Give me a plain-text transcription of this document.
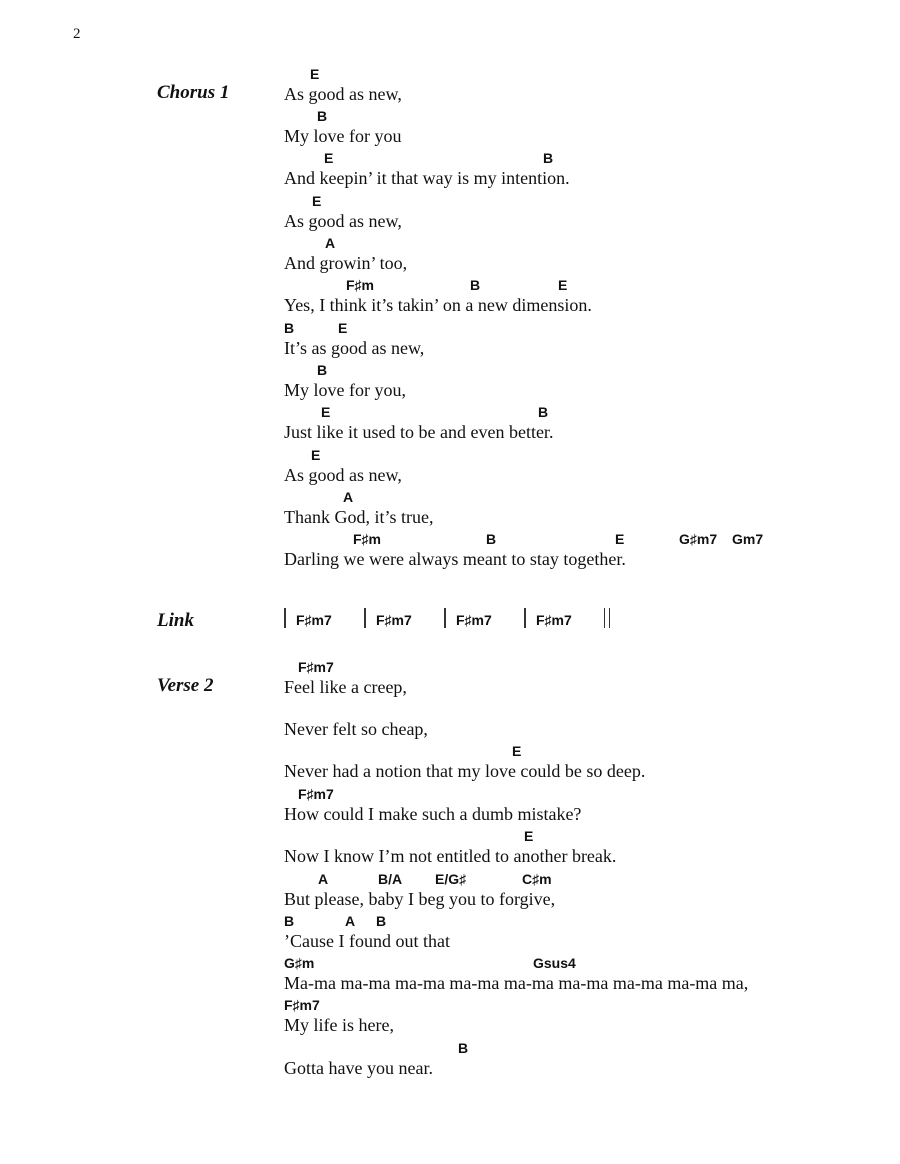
2
Chorus 1
Link
Verse 2
E
As good as new,
B
My love for you
E	B
And keepin’ it that way is my intention.
E
As good as new,
A
And growin’ too,
F♯m	B	E
Yes, I think it’s takin’ on a new dimension.
B	E
It’s as good as new,
B
My love for you,
E	B
Just like it used to be and even better.
E
As good as new,
A
Thank God, it’s true,
F♯m	B	E	G♯m7 Gm7
Darling we were always meant to stay together.
F♯m7	F♯m7	F♯m7	F♯m7
F♯m7
Feel like a creep,
Never felt so cheap,
E
Never had a notion that my love could be so deep.
F♯m7
How could I make such a dumb mistake?
E
Now I know I’m not entitled to another break.
A	B/A E/G♯	C♯m
But please, baby I beg you to forgive,
B	A B
’Cause I found out that
G♯m	Gsus4
Ma-ma ma-ma ma-ma ma-ma ma-ma ma-ma ma-ma ma-ma ma,
F♯m7
My life is here,
B
Gotta have you near.
